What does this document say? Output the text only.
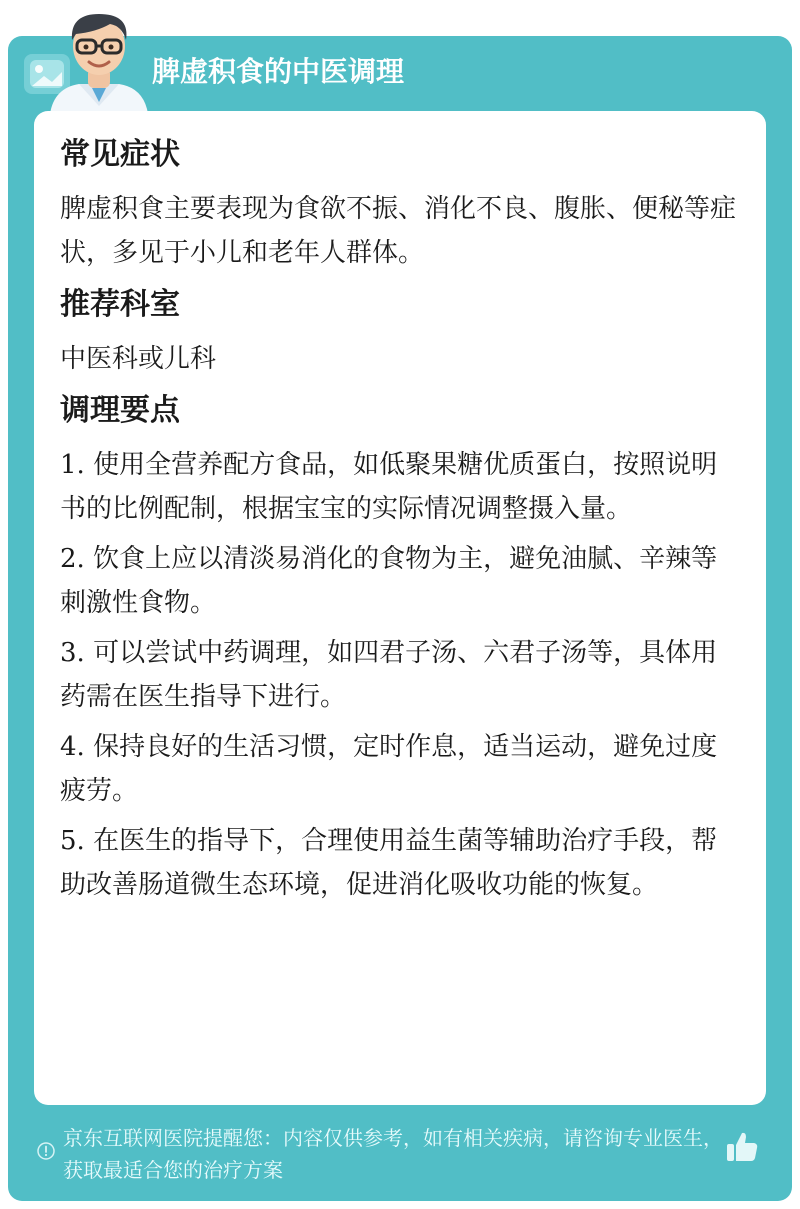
脾虚积食的中医调理
常见症状
脾虚积食主要表现为食欲不振、消化不良、腹胀、便秘等症状，多见于小儿和老年人群体。
推荐科室
中医科或儿科
调理要点
1. 使用全营养配方食品，如低聚果糖优质蛋白，按照说明书的比例配制，根据宝宝的实际情况调整摄入量。
2. 饮食上应以清淡易消化的食物为主，避免油腻、辛辣等刺激性食物。
3. 可以尝试中药调理，如四君子汤、六君子汤等，具体用药需在医生指导下进行。
4. 保持良好的生活习惯，定时作息，适当运动，避免过度疲劳。
5. 在医生的指导下，合理使用益生菌等辅助治疗手段，帮助改善肠道微生态环境，促进消化吸收功能的恢复。
京东互联网医院提醒您：内容仅供参考，如有相关疾病，请咨询专业医生，获取最适合您的治疗方案
